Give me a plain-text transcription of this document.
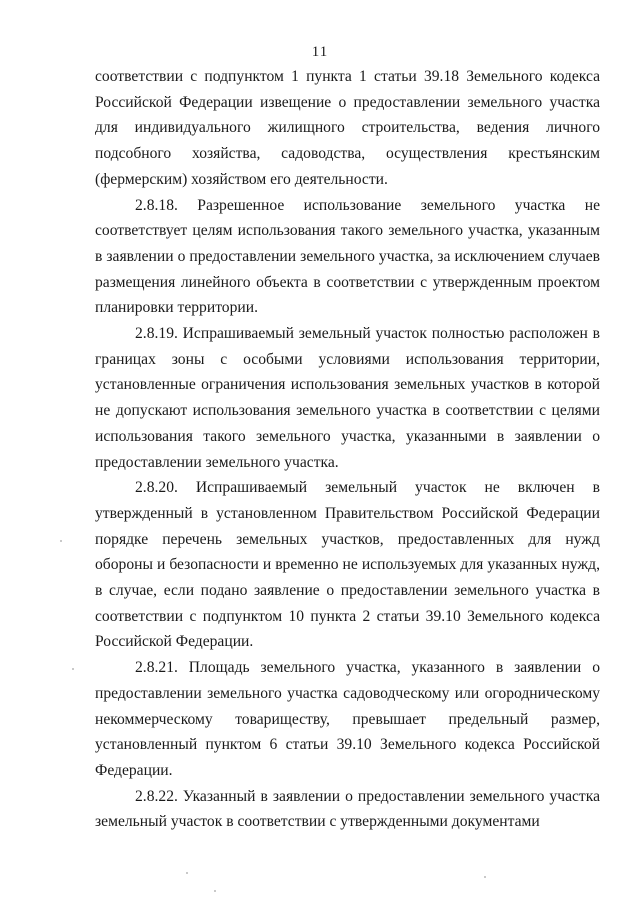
11

соответствии с подпунктом 1 пункта 1 статьи 39.18 Земельного кодекса Российской Федерации извещение о предоставлении земельного участка для индивидуального жилищного строительства, ведения личного подсобного хозяйства, садоводства, осуществления крестьянским (фермерским) хозяйством его деятельности.

2.8.18. Разрешенное использование земельного участка не соответствует целям использования такого земельного участка, указанным в заявлении о предоставлении земельного участка, за исключением случаев размещения линейного объекта в соответствии с утвержденным проектом планировки территории.

2.8.19. Испрашиваемый земельный участок полностью расположен в границах зоны с особыми условиями использования территории, установленные ограничения использования земельных участков в которой не допускают использования земельного участка в соответствии с целями использования такого земельного участка, указанными в заявлении о предоставлении земельного участка.

2.8.20. Испрашиваемый земельный участок не включен в утвержденный в установленном Правительством Российской Федерации порядке перечень земельных участков, предоставленных для нужд обороны и безопасности и временно не используемых для указанных нужд, в случае, если подано заявление о предоставлении земельного участка в соответствии с подпунктом 10 пункта 2 статьи 39.10 Земельного кодекса Российской Федерации.

2.8.21. Площадь земельного участка, указанного в заявлении о предоставлении земельного участка садоводческому или огородническому некоммерческому товариществу, превышает предельный размер, установленный пунктом 6 статьи 39.10 Земельного кодекса Российской Федерации.

2.8.22. Указанный в заявлении о предоставлении земельного участка земельный участок в соответствии с утвержденными документами
